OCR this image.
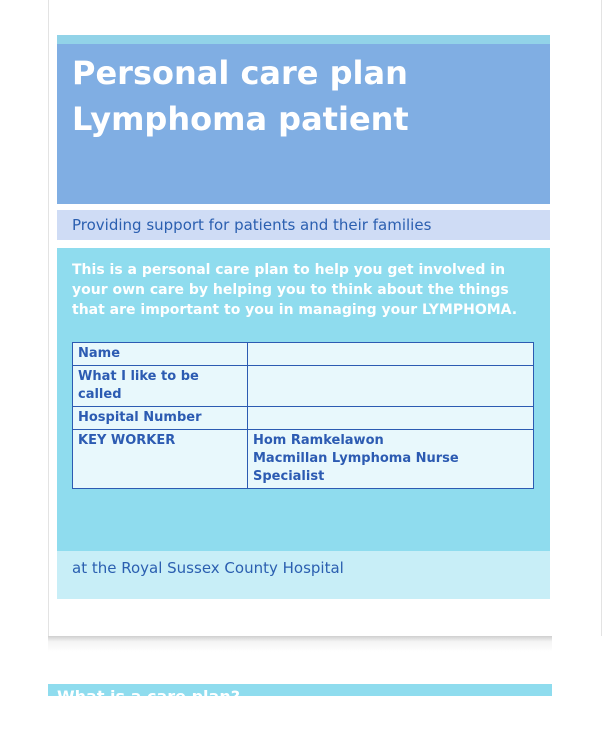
Personal care plan
Lymphoma patient
Providing support for patients and their families

This is a personal care plan to help you get involved in your own care by helping you to think about the things that are important to you in managing your LYMPHOMA.

Name	
What I like to be called	
Hospital Number	
KEY WORKER	Hom Ramkelawon
Macmillan Lymphoma Nurse Specialist
at the Royal Sussex County Hospital
What is a care plan?
